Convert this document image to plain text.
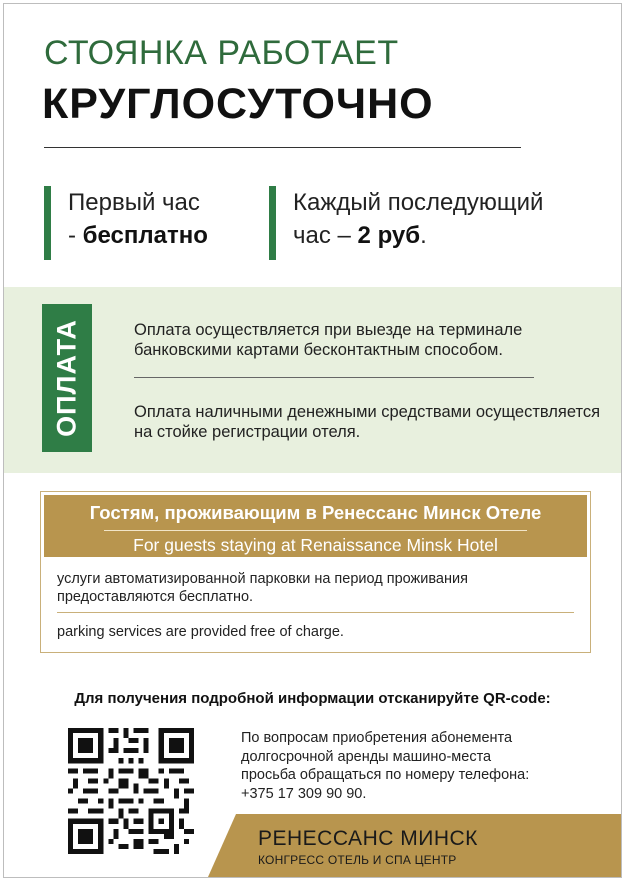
СТОЯНКА РАБОТАЕТ
КРУГЛОСУТОЧНО
Первый час
- бесплатно
Каждый последующий
час – 2 руб.
ОПЛАТА	Оплата осуществляется при выезде на терминале банковскими картами бесконтактным способом.
Оплата наличными денежными средствами осуществляется на стойке регистрации отеля.
Гостям, проживающим в Ренессанс Минск Отеле
For guests staying at Renaissance Minsk Hotel
услуги автоматизированной парковки на период проживания предоставляются бесплатно.
parking services are provided free of charge.
Для получения подробной информации отсканируйте QR-code:
По вопросам приобретения абонемента
долгосрочной аренды машино-места
просьба обращаться по номеру телефона:
+375 17 309 90 90.
РЕНЕССАНС МИНСК
КОНГРЕСС ОТЕЛЬ И СПА ЦЕНТР
